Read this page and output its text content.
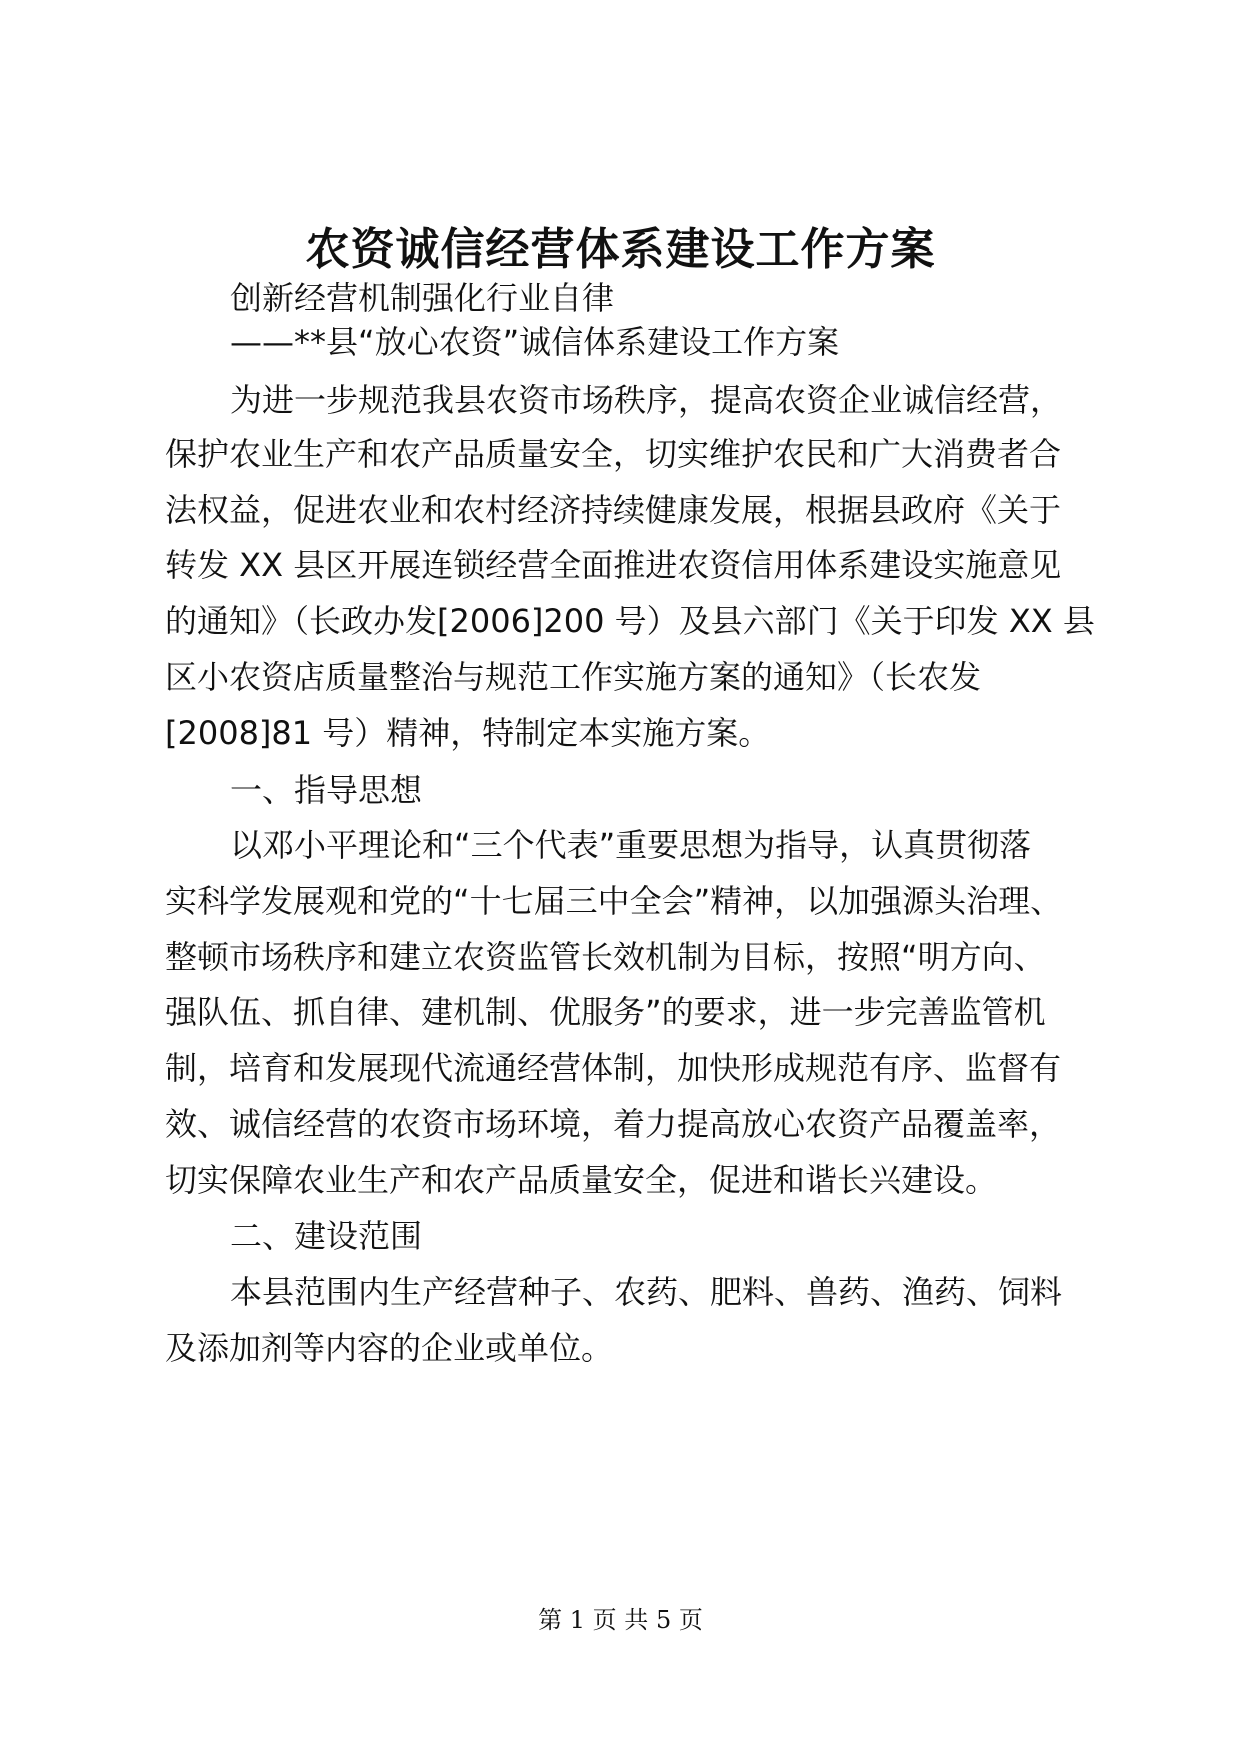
农资诚信经营体系建设工作方案
创新经营机制强化行业自律
——**县“放心农资”诚信体系建设工作方案
为进一步规范我县农资市场秩序，提高农资企业诚信经营，
保护农业生产和农产品质量安全，切实维护农民和广大消费者合
法权益，促进农业和农村经济持续健康发展，根据县政府《关于
转发 XX 县区开展连锁经营全面推进农资信用体系建设实施意见
的通知》（长政办发[2006]200 号）及县六部门《关于印发 XX 县
区小农资店质量整治与规范工作实施方案的通知》（长农发
[2008]81 号）精神，特制定本实施方案。
一、指导思想
以邓小平理论和“三个代表”重要思想为指导，认真贯彻落
实科学发展观和党的“十七届三中全会”精神，以加强源头治理、
整顿市场秩序和建立农资监管长效机制为目标，按照“明方向、
强队伍、抓自律、建机制、优服务”的要求，进一步完善监管机
制，培育和发展现代流通经营体制，加快形成规范有序、监督有
效、诚信经营的农资市场环境，着力提高放心农资产品覆盖率，
切实保障农业生产和农产品质量安全，促进和谐长兴建设。
二、建设范围
本县范围内生产经营种子、农药、肥料、兽药、渔药、饲料
及添加剂等内容的企业或单位。
第 1 页 共 5 页
